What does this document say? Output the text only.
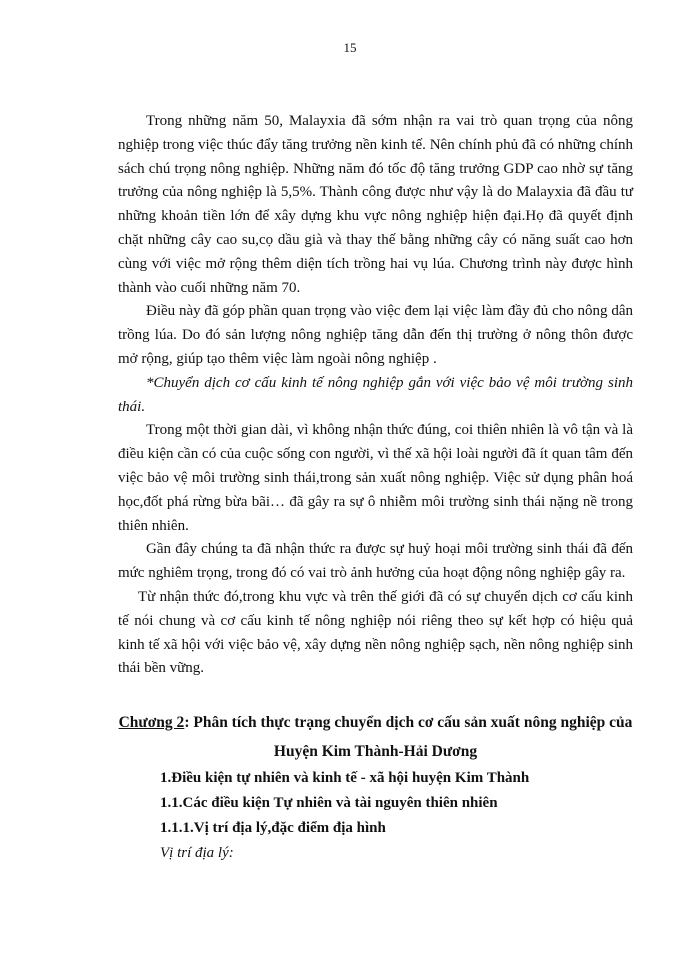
15

Trong những năm 50, Malayxia đã sớm nhận ra vai trò quan trọng của nông nghiệp trong việc thúc đẩy tăng trưởng nền kinh tế. Nên chính phủ đã có những chính sách chú trọng nông nghiệp. Những năm đó tốc độ tăng trưởng GDP cao nhờ sự tăng trưởng của nông nghiệp là 5,5%. Thành công được như vậy là do Malayxia đã đầu tư những khoản tiền lớn để xây dựng khu vực nông nghiệp hiện đại.Họ đã quyết định chặt những cây cao su,cọ dầu già và thay thế bằng những cây có năng suất cao hơn cùng với việc mở rộng thêm diện tích trồng hai vụ lúa. Chương trình này được hình thành vào cuối những năm 70.

Điều này đã góp phần quan trọng vào việc đem lại việc làm đầy đủ cho nông dân trồng lúa. Do đó sản lượng nông nghiệp tăng dẫn đến thị trường ở nông thôn được mở rộng, giúp tạo thêm việc làm ngoài nông nghiệp .

*Chuyển dịch cơ cấu kinh tế nông nghiệp gắn với việc bảo vệ môi trường sinh thái.

Trong một thời gian dài, vì không nhận thức đúng, coi thiên nhiên là vô tận và là điều kiện cần có của cuộc sống con người, vì thế xã hội loài người đã ít quan tâm đến việc bảo vệ môi trường sinh thái,trong sản xuất nông nghiệp. Việc sử dụng phân hoá học,đốt phá rừng bừa bãi… đã gây ra sự ô nhiễm môi trường sinh thái nặng nề trong thiên nhiên.

Gần đây chúng ta đã nhận thức ra được sự huỷ hoại môi trường sinh thái đã đến mức nghiêm trọng, trong đó có vai trò ảnh hưởng của hoạt động nông nghiệp gây ra.

Từ nhận thức đó,trong khu vực và trên thế giới đã có sự chuyển dịch cơ cấu kinh tế nói chung và cơ cấu kinh tế nông nghiệp nói riêng theo sự kết hợp có hiệu quả kinh tế xã hội với việc bảo vệ, xây dựng nền nông nghiệp sạch, nền nông nghiệp sinh thái bền vững.

Chương 2: Phân tích thực trạng chuyển dịch cơ cấu sản xuất nông nghiệp của Huyện Kim Thành-Hải Dương

1.Điều kiện tự nhiên và kinh tế - xã hội huyện Kim Thành

1.1.Các điều kiện Tự nhiên và tài nguyên thiên nhiên

1.1.1.Vị trí địa lý,đặc điểm địa hình

Vị trí địa lý:
